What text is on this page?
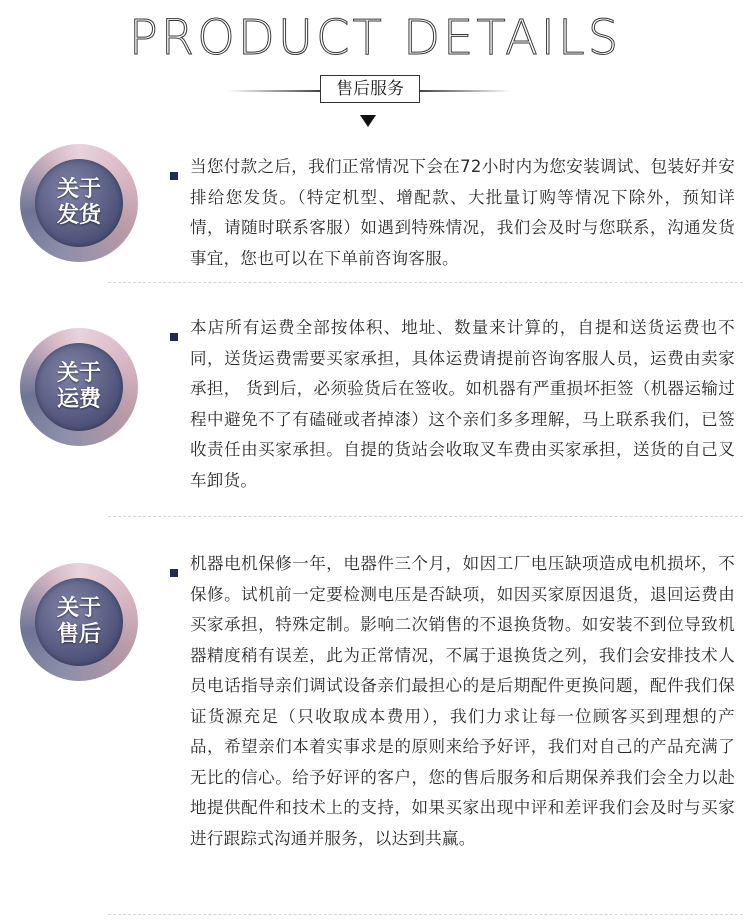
PRODUCT DETAILS
售后服务
关于
发货
当您付款之后，我们正常情况下会在72小时内为您安装调试、包装好并安排给您发货。（特定机型、增配款、大批量订购等情况下除外，预知详情，请随时联系客服）如遇到特殊情况，我们会及时与您联系，沟通发货事宜，您也可以在下单前咨询客服。
关于
运费
本店所有运费全部按体积、地址、数量来计算的，自提和送货运费也不同，送货运费需要买家承担，具体运费请提前咨询客服人员，运费由卖家承担， 货到后，必须验货后在签收。如机器有严重损坏拒签（机器运输过程中避免不了有磕碰或者掉漆）这个亲们多多理解，马上联系我们，已签收责任由买家承担。自提的货站会收取叉车费由买家承担，送货的自己叉车卸货。
关于
售后
机器电机保修一年，电器件三个月，如因工厂电压缺项造成电机损坏，不保修。试机前一定要检测电压是否缺项，如因买家原因退货，退回运费由买家承担，特殊定制。影响二次销售的不退换货物。如安装不到位导致机器精度稍有误差，此为正常情况，不属于退换货之列，我们会安排技术人员电话指导亲们调试设备亲们最担心的是后期配件更换问题，配件我们保证货源充足（只收取成本费用），我们力求让每一位顾客买到理想的产品，希望亲们本着实事求是的原则来给予好评，我们对自己的产品充满了无比的信心。给予好评的客户，您的售后服务和后期保养我们会全力以赴地提供配件和技术上的支持，如果买家出现中评和差评我们会及时与买家进行跟踪式沟通并服务，以达到共赢。
